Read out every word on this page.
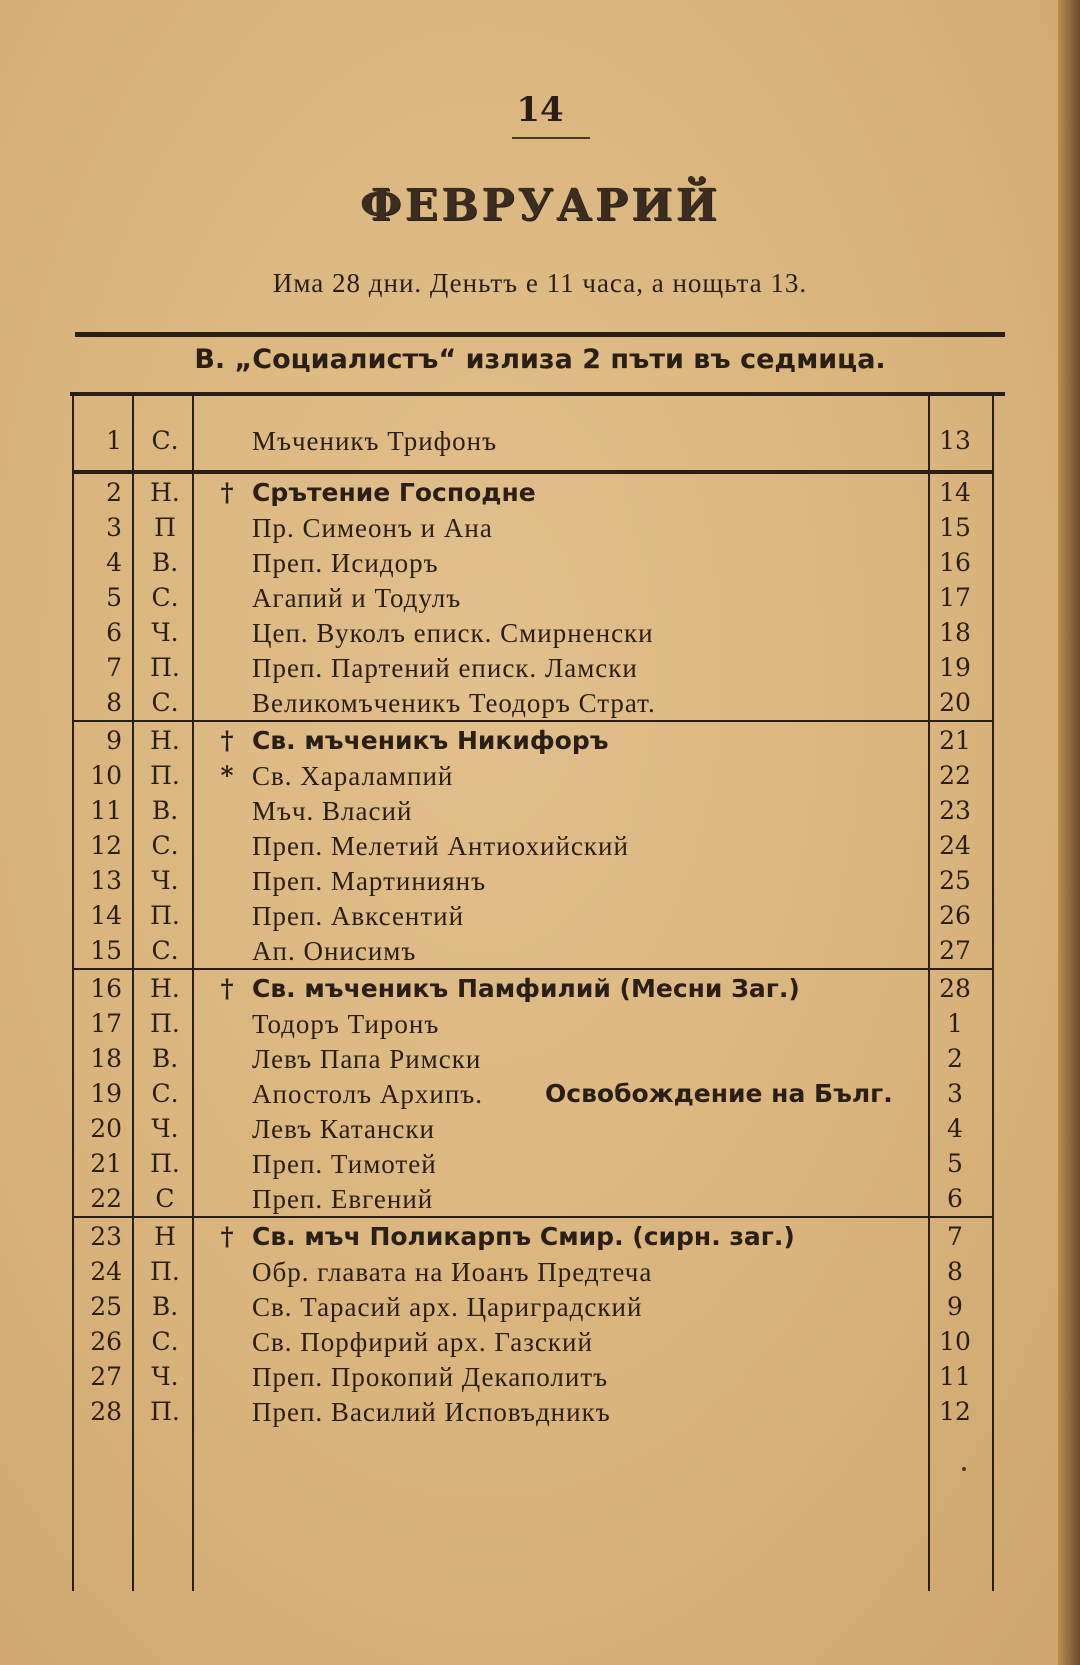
14
ФЕВРУАРИЙ
Има 28 дни. Деньтъ е 11 часа, а нощьта 13.
В. „Социалистъ“ излиза 2 пъти въ седмица.
1	С.	Мъченикъ Трифонъ	13
2	Н.	† Срътение Господне	14
3	П	Пр. Симеонъ и Ана	15
4	В.	Преп. Исидоръ	16
5	С.	Агапий и Тодулъ	17
6	Ч.	Цеп. Вуколъ еписк. Смирненски	18
7	П.	Преп. Партений еписк. Ламски	19
8	С.	Великомъченикъ Теодоръ Страт.	20
9	Н.	† Св. мъченикъ Никифоръ	21
10	П.	* Св. Харалампий	22
11	В.	Мъч. Власий	23
12	С.	Преп. Мелетий Антиохийский	24
13	Ч.	Преп. Мартиниянъ	25
14	П.	Преп. Авксентий	26
15	С.	Ап. Онисимъ	27
16	Н.	† Св. мъченикъ Памфилий (Месни Заг.)	28
17	П.	Тодоръ Тиронъ	1
18	В.	Левъ Папа Римски	2
19	С.	Апостолъ Архипъ.	Освобождение на Бълг.	3
20	Ч.	Левъ Катански	4
21	П.	Преп. Тимотей	5
22	С	Преп. Евгений	6
23	Н	† Св. мъч Поликарпъ Смир. (сирн. заг.)	7
24	П.	Обр. главата на Иоанъ Предтеча	8
25	В.	Св. Тарасий арх. Цариградский	9
26	С.	Св. Порфирий арх. Газский	10
27	Ч.	Преп. Прокопий Декаполитъ	11
28	П.	Преп. Василий Исповъдникъ	12
